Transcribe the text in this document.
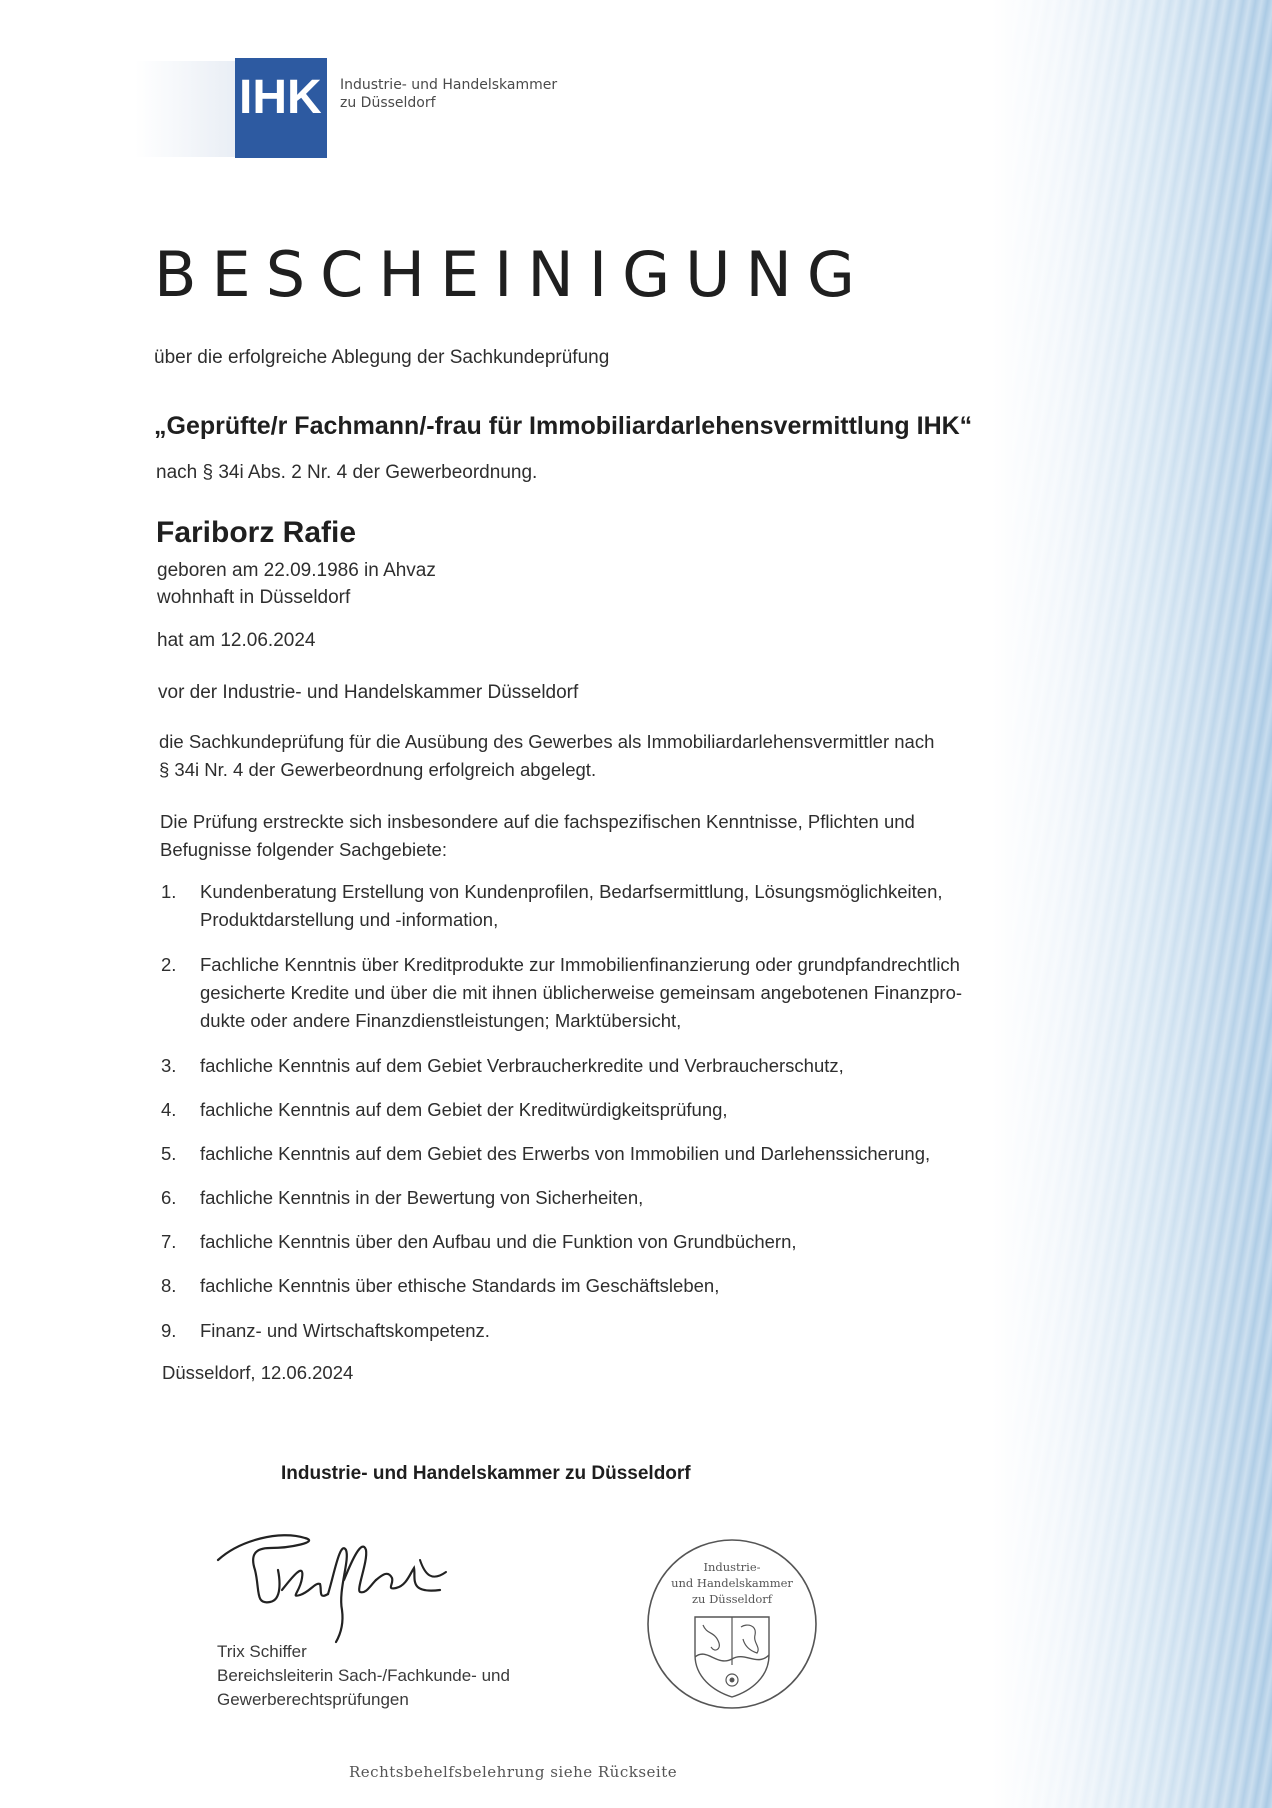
IHK Industrie- und Handelskammer
zu Düsseldorf
BESCHEINIGUNG
über die erfolgreiche Ablegung der Sachkundeprüfung
„Geprüfte/r Fachmann/-frau für Immobiliardarlehensvermittlung IHK“
nach § 34i Abs. 2 Nr. 4 der Gewerbeordnung.
Fariborz Rafie
geboren am 22.09.1986 in Ahvaz
wohnhaft in Düsseldorf
hat am 12.06.2024
vor der Industrie- und Handelskammer Düsseldorf
die Sachkundeprüfung für die Ausübung des Gewerbes als Immobiliardarlehensvermittler nach
§ 34i Nr. 4 der Gewerbeordnung erfolgreich abgelegt.
Die Prüfung erstreckte sich insbesondere auf die fachspezifischen Kenntnisse, Pflichten und
Befugnisse folgender Sachgebiete:
1. Kundenberatung Erstellung von Kundenprofilen, Bedarfsermittlung, Lösungsmöglichkeiten,
Produktdarstellung und -information,
2. Fachliche Kenntnis über Kreditprodukte zur Immobilienfinanzierung oder grundpfandrechtlich
gesicherte Kredite und über die mit ihnen üblicherweise gemeinsam angebotenen Finanzpro-
dukte oder andere Finanzdienstleistungen; Marktübersicht,
3. fachliche Kenntnis auf dem Gebiet Verbraucherkredite und Verbraucherschutz,
4. fachliche Kenntnis auf dem Gebiet der Kreditwürdigkeitsprüfung,
5. fachliche Kenntnis auf dem Gebiet des Erwerbs von Immobilien und Darlehenssicherung,
6. fachliche Kenntnis in der Bewertung von Sicherheiten,
7. fachliche Kenntnis über den Aufbau und die Funktion von Grundbüchern,
8. fachliche Kenntnis über ethische Standards im Geschäftsleben,
9. Finanz- und Wirtschaftskompetenz.
Düsseldorf, 12.06.2024
Industrie- und Handelskammer zu Düsseldorf
Trix Schiffer
Bereichsleiterin Sach-/Fachkunde- und
Gewerberechtsprüfungen
Industrie-
und Handelskammer
zu Düsseldorf
Rechtsbehelfsbelehrung siehe Rückseite
